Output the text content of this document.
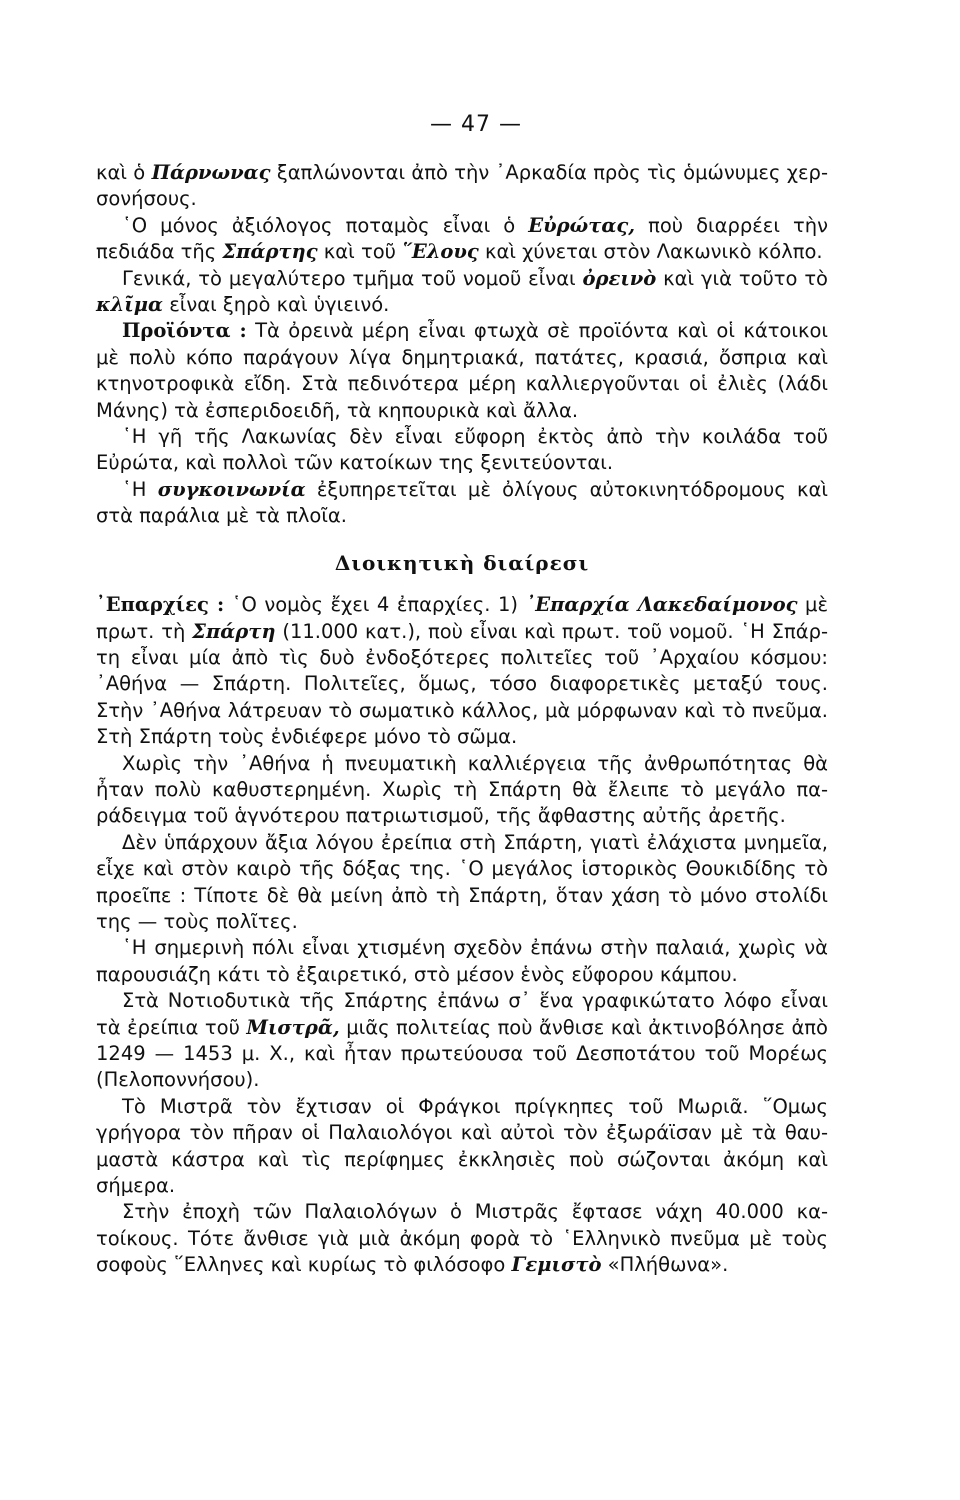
— 47 —

καὶ ὁ Πάρνωνας ξαπλώνονται ἀπὸ τὴν ᾿Αρκαδία πρὸς τὶς ὁμώνυμες χερσονήσους.

῾Ο μόνος ἀξιόλογος ποταμὸς εἶναι ὁ Εὐρώτας, ποὺ διαρρέει τὴν πεδιάδα τῆς Σπάρτης καὶ τοῦ ῞Ελους καὶ χύνεται στὸν Λακωνικὸ κόλπο.

Γενικά, τὸ μεγαλύτερο τμῆμα τοῦ νομοῦ εἶναι ὀρεινὸ καὶ γιὰ τοῦτο τὸ κλῖμα εἶναι ξηρὸ καὶ ὑγιεινό.

Προϊόντα : Τὰ ὀρεινὰ μέρη εἶναι φτωχὰ σὲ προϊόντα καὶ οἱ κάτοικοι μὲ πολὺ κόπο παράγουν λίγα δημητριακά, πατάτες, κρασιά, ὄσπρια καὶ κτηνοτροφικὰ εἴδη. Στὰ πεδινότερα μέρη καλλιεργοῦνται οἱ ἐλιὲς (λάδι Μάνης) τὰ ἐσπεριδοειδῆ, τὰ κηπουρικὰ καὶ ἄλλα.

῾Η γῆ τῆς Λακωνίας δὲν εἶναι εὔφορη ἐκτὸς ἀπὸ τὴν κοιλάδα τοῦ Εὐρώτα, καὶ πολλοὶ τῶν κατοίκων της ξενιτεύονται.

῾Η συγκοινωνία ἐξυπηρετεῖται μὲ ὀλίγους αὐτοκινητόδρομους καὶ στὰ παράλια μὲ τὰ πλοῖα.

Διοικητικὴ διαίρεσι

᾿Επαρχίες : ῾Ο νομὸς ἔχει 4 ἐπαρχίες. 1) ᾿Επαρχία Λακεδαίμονος μὲ πρωτ. τὴ Σπάρτη (11.000 κατ.), ποὺ εἶναι καὶ πρωτ. τοῦ νομοῦ. ῾Η Σπάρτη εἶναι μία ἀπὸ τὶς δυὸ ἐνδοξότερες πολιτεῖες τοῦ ᾿Αρχαίου κόσμου: ᾿Αθήνα — Σπάρτη. Πολιτεῖες, ὅμως, τόσο διαφορετικὲς μεταξύ τους. Στὴν ᾿Αθήνα λάτρευαν τὸ σωματικὸ κάλλος, μὰ μόρφωναν καὶ τὸ πνεῦμα. Στὴ Σπάρτη τοὺς ἐνδιέφερε μόνο τὸ σῶμα.

Χωρὶς τὴν ᾿Αθήνα ἡ πνευματικὴ καλλιέργεια τῆς ἀνθρωπότητας θὰ ἦταν πολὺ καθυστερημένη. Χωρὶς τὴ Σπάρτη θὰ ἔλειπε τὸ μεγάλο παράδειγμα τοῦ ἁγνότερου πατριωτισμοῦ, τῆς ἄφθαστης αὐτῆς ἀρετῆς.

Δὲν ὑπάρχουν ἄξια λόγου ἐρείπια στὴ Σπάρτη, γιατὶ ἐλάχιστα μνημεῖα, εἶχε καὶ στὸν καιρὸ τῆς δόξας της. ῾Ο μεγάλος ἱστορικὸς Θουκιδίδης τὸ προεῖπε : Τίποτε δὲ θὰ μείνη ἀπὸ τὴ Σπάρτη, ὅταν χάση τὸ μόνο στολίδι της — τοὺς πολῖτες.

῾Η σημερινὴ πόλι εἶναι χτισμένη σχεδὸν ἐπάνω στὴν παλαιά, χωρὶς νὰ παρουσιάζη κάτι τὸ ἐξαιρετικό, στὸ μέσον ἑνὸς εὔφορου κάμπου.

Στὰ Νοτιοδυτικὰ τῆς Σπάρτης ἐπάνω σ᾿ ἕνα γραφικώτατο λόφο εἶναι τὰ ἐρείπια τοῦ Μιστρᾶ, μιᾶς πολιτείας ποὺ ἄνθισε καὶ ἀκτινοβόλησε ἀπὸ 1249 — 1453 μ. Χ., καὶ ἦταν πρωτεύουσα τοῦ Δεσποτάτου τοῦ Μορέως (Πελοποννήσου).

Τὸ Μιστρᾶ τὸν ἔχτισαν οἱ Φράγκοι πρίγκηπες τοῦ Μωριᾶ. ῞Ομως γρήγορα τὸν πῆραν οἱ Παλαιολόγοι καὶ αὐτοὶ τὸν ἐξωράϊσαν μὲ τὰ θαυμαστὰ κάστρα καὶ τὶς περίφημες ἐκκλησιὲς ποὺ σώζονται ἀκόμη καὶ σήμερα.

Στὴν ἐποχὴ τῶν Παλαιολόγων ὁ Μιστρᾶς ἔφτασε νάχη 40.000 κατοίκους. Τότε ἄνθισε γιὰ μιὰ ἀκόμη φορὰ τὸ ῾Ελληνικὸ πνεῦμα μὲ τοὺς σοφοὺς ῞Ελληνες καὶ κυρίως τὸ φιλόσοφο Γεμιστὸ «Πλήθωνα».
